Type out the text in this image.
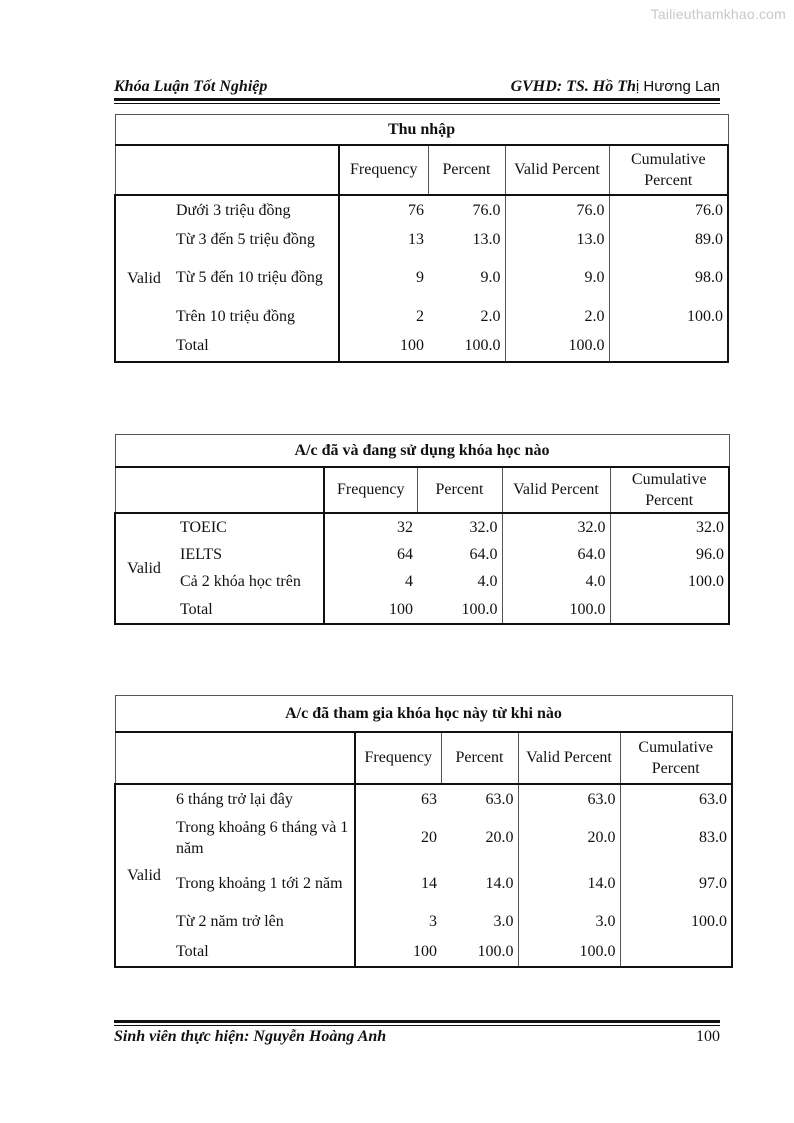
Tailieuthamkhao.com
Khóa Luận Tốt Nghiệp	GVHD: TS. Hồ Thị Hương Lan
Thu nhập					
		Frequency	Percent	Valid Percent	Cumulative Percent
Valid	Dưới 3 triệu đồng	76	76.0	76.0	76.0
	Từ 3 đến 5 triệu đồng	13	13.0	13.0	89.0
	Từ 5 đến 10 triệu đồng	9	9.0	9.0	98.0
	Trên 10 triệu đồng	2	2.0	2.0	100.0
	Total	100	100.0	100.0	
A/c đã và đang sử dụng khóa học nào					
		Frequency	Percent	Valid Percent	Cumulative Percent
Valid	TOEIC	32	32.0	32.0	32.0
	IELTS	64	64.0	64.0	96.0
	Cả 2 khóa học trên	4	4.0	4.0	100.0
	Total	100	100.0	100.0	
A/c đã tham gia khóa học này từ khi nào					
		Frequency	Percent	Valid Percent	Cumulative Percent
Valid	6 tháng trở lại đây	63	63.0	63.0	63.0
	Trong khoảng 6 tháng và 1 năm	20	20.0	20.0	83.0
	Trong khoảng 1 tới 2 năm	14	14.0	14.0	97.0
	Từ 2 năm trở lên	3	3.0	3.0	100.0
	Total	100	100.0	100.0	
Sinh viên thực hiện: Nguyễn Hoàng Anh	100
